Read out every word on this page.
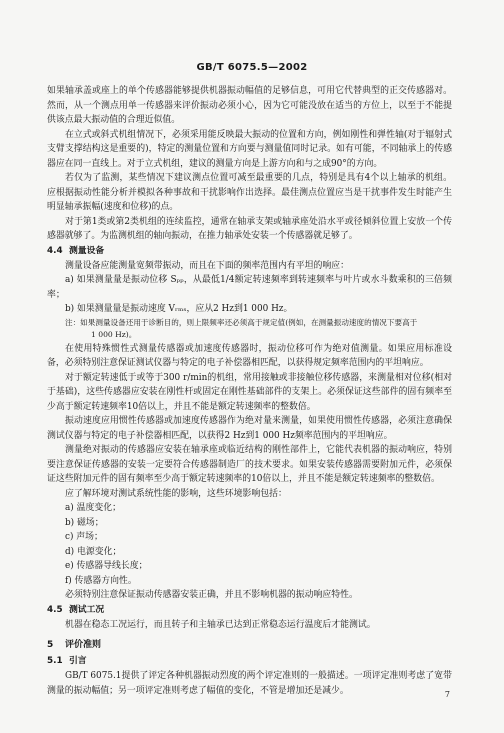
GB/T 6075.5—2002

如果轴承盖或座上的单个传感器能够提供机器振动幅值的足够信息，可用它代替典型的正交传感器对。然而，从一个测点用单一传感器来评价振动必须小心，因为它可能没放在适当的方位上，以至于不能提供该点最大振动值的合理近似值。

在立式或斜式机组情况下，必须采用能反映最大振动的位置和方向，例如刚性和弹性轴(对于辐射式支臂支撑结构这是重要的)，特定的测量位置和方向要与测量值同时记录。如有可能，不同轴承上的传感器应在同一直线上。对于立式机组，建议的测量方向是上游方向和与之成90°的方向。

若仅为了监测，某些情况下建议测点位置可减至最重要的几点，特别是具有4个以上轴承的机组。应根据振动性能分析并模拟各种事故和干扰影响作出选择。最佳测点位置应当是干扰事件发生时能产生明显轴承振幅(速度和位移)的点。

对于第1类或第2类机组的连续监控，通常在轴承支架或轴承座处沿水平或径倾斜位置上安放一个传感器就够了。为监测机组的轴向振动，在推力轴承处安装一个传感器就足够了。

4.4 测量设备

测量设备应能测量宽频带振动，而且在下面的频率范围内有平坦的响应：

a) 如果测量量是振动位移 Sₚₚ，从最低1/4额定转速频率到转速频率与叶片或水斗数乘积的三倍频率；

b) 如果测量量是振动速度 Vᵣₘₛ，应从2 Hz到1 000 Hz。

注：如果测量设备还用于诊断目的，则上限频率还必须高于规定值(例如，在测量振动速度的情况下要高于

1 000 Hz)。

在使用特殊惯性式测量传感器或加速度传感器时，振动位移可作为绝对值测量。如果应用标准设备，必须特别注意保证测试仪器与特定的电子补偿器相匹配，以获得规定频率范围内的平坦响应。

对于额定转速低于或等于300 r/min的机组，常用接触或非接触位移传感器，来测量相对位移(相对于基础)，这些传感器应安装在刚性杆或固定在刚性基础部件的支架上。必须保证这些部件的固有频率至少高于额定转速频率10倍以上，并且不能是额定转速频率的整数倍。

振动速度应用惯性传感器或加速度传感器作为绝对量来测量，如果使用惯性传感器，必须注意确保测试仪器与特定的电子补偿器相匹配，以获得2 Hz到1 000 Hz频率范围内的平坦响应。

测量绝对振动的传感器应安装在轴承座或临近结构的刚性部件上，它能代表机器的振动响应，特别要注意保证传感器的安装一定要符合传感器制造厂的技术要求。如果安装传感器需要附加元件，必须保证这些附加元件的固有频率至少高于额定转速频率的10倍以上，并且不能是额定转速频率的整数倍。

应了解环境对测试系统性能的影响，这些环境影响包括：

a) 温度变化；

b) 磁场；

c) 声场；

d) 电源变化；

e) 传感器导线长度；

f) 传感器方向性。

必须特别注意保证振动传感器安装正确，并且不影响机器的振动响应特性。

4.5 测试工况

机器在稳态工况运行，而且转子和主轴承已达到正常稳态运行温度后才能测试。

5 评价准则
5.1 引言

GB/T 6075.1提供了评定各种机器振动烈度的两个评定准则的一般描述。一项评定准则考虑了宽带测量的振动幅值；另一项评定准则考虑了幅值的变化，不管是增加还是减少。	7
